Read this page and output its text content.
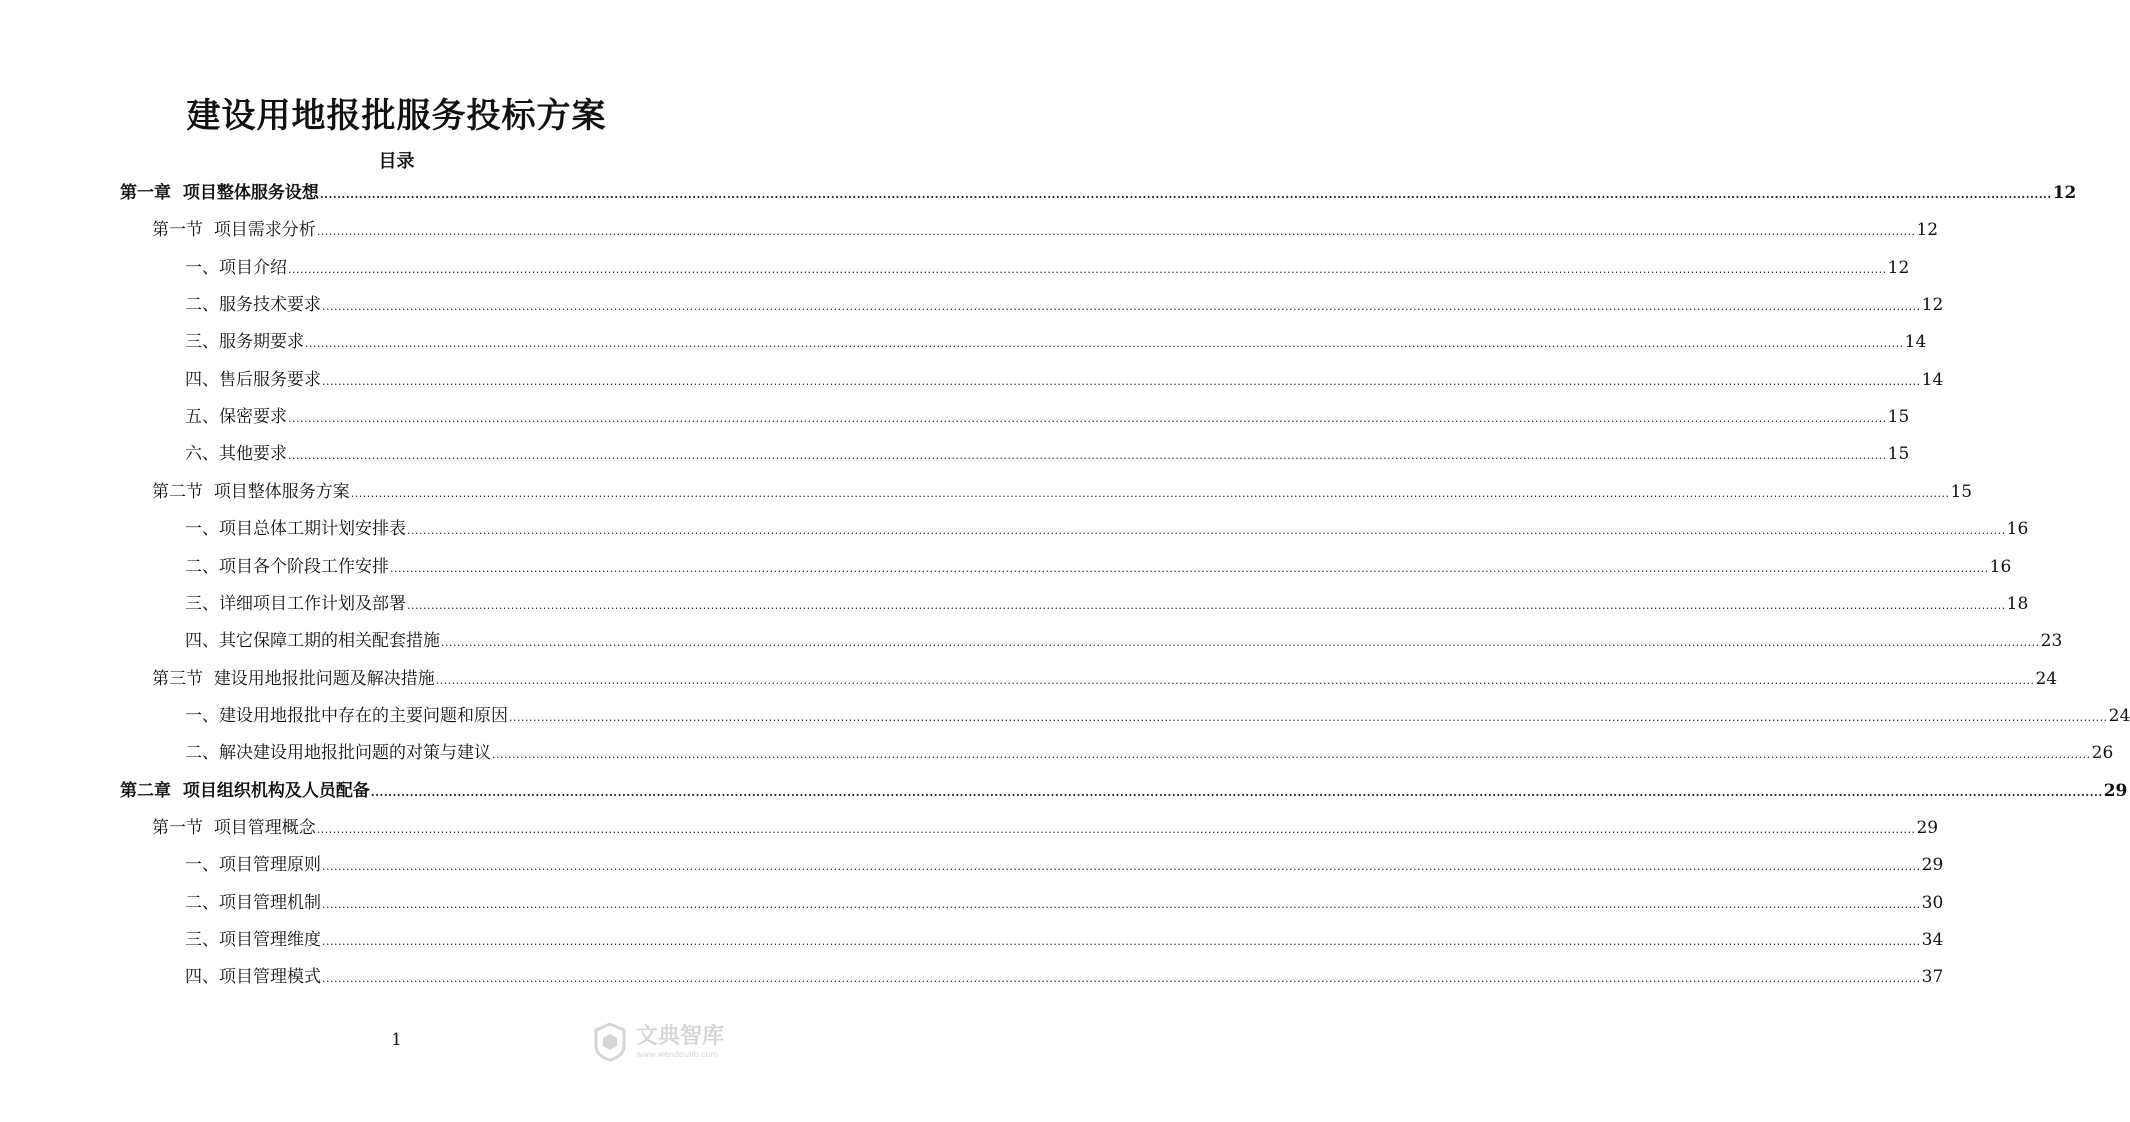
建设用地报批服务投标方案
目录
第一章 项目整体服务设想 ................................................................................................................................................................................................................................................................................................................................................................................................................ 12
第一节 项目需求分析 ................................................................................................................................................................................................................................................................................................................................................................................................................ 12
一、 项目介绍 ................................................................................................................................................................................................................................................................................................................................................................................................................ 12
二、 服务技术要求 ................................................................................................................................................................................................................................................................................................................................................................................................................ 12
三、 服务期要求 ................................................................................................................................................................................................................................................................................................................................................................................................................ 14
四、 售后服务要求 ................................................................................................................................................................................................................................................................................................................................................................................................................ 14
五、 保密要求 ................................................................................................................................................................................................................................................................................................................................................................................................................ 15
六、 其他要求 ................................................................................................................................................................................................................................................................................................................................................................................................................ 15
第二节 项目整体服务方案 ................................................................................................................................................................................................................................................................................................................................................................................................................ 15
一、 项目总体工期计划安排表 ................................................................................................................................................................................................................................................................................................................................................................................................................ 16
二、 项目各个阶段工作安排 ................................................................................................................................................................................................................................................................................................................................................................................................................ 16
三、 详细项目工作计划及部署 ................................................................................................................................................................................................................................................................................................................................................................................................................ 18
四、 其它保障工期的相关配套措施 ................................................................................................................................................................................................................................................................................................................................................................................................................ 23
第三节 建设用地报批问题及解决措施 ................................................................................................................................................................................................................................................................................................................................................................................................................ 24
一、 建设用地报批中存在的主要问题和原因 ................................................................................................................................................................................................................................................................................................................................................................................................................ 24
二、 解决建设用地报批问题的对策与建议 ................................................................................................................................................................................................................................................................................................................................................................................................................ 26
第二章 项目组织机构及人员配备 ................................................................................................................................................................................................................................................................................................................................................................................................................ 29
第一节 项目管理概念 ................................................................................................................................................................................................................................................................................................................................................................................................................ 29
一、 项目管理原则 ................................................................................................................................................................................................................................................................................................................................................................................................................ 29
二、 项目管理机制 ................................................................................................................................................................................................................................................................................................................................................................................................................ 30
三、 项目管理维度 ................................................................................................................................................................................................................................................................................................................................................................................................................ 34
四、 项目管理模式 ................................................................................................................................................................................................................................................................................................................................................................................................................ 37
1	文典智库
www.wendoulib.com
